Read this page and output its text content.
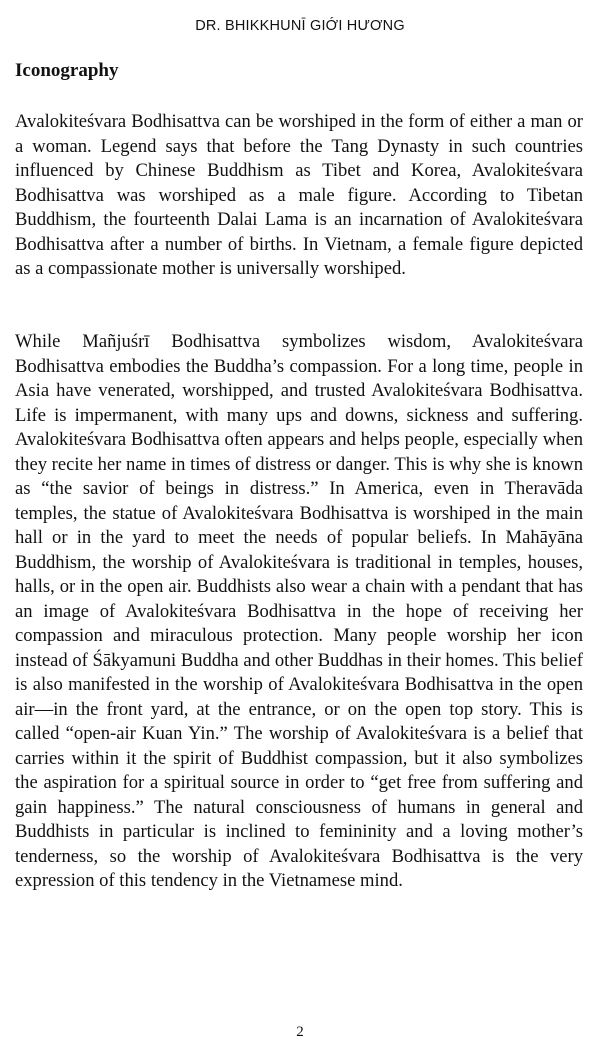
DR. BHIKKHUNĪ GIỚI HƯƠNG
Iconography

Avalokiteśvara Bodhisattva can be worshiped in the form of either a man or a woman. Legend says that before the Tang Dynasty in such countries influenced by Chinese Buddhism as Tibet and Korea, Avalokiteśvara Bodhisattva was worshiped as a male figure. According to Tibetan Buddhism, the fourteenth Dalai Lama is an incarnation of Avalokiteśvara Bodhisattva after a number of births. In Vietnam, a female figure depicted as a compassionate mother is universally worshiped.

While Mañjuśrī Bodhisattva symbolizes wisdom, Avalokiteśvara Bodhisattva embodies the Buddha’s compassion. For a long time, people in Asia have venerated, worshipped, and trusted Avalokiteśvara Bodhisattva. Life is impermanent, with many ups and downs, sickness and suffering. Avalokiteśvara Bodhisattva often appears and helps people, especially when they recite her name in times of distress or danger. This is why she is known as “the savior of beings in distress.” In America, even in Theravāda temples, the statue of Avalokiteśvara Bodhisattva is worshiped in the main hall or in the yard to meet the needs of popular beliefs. In Mahāyāna Buddhism, the worship of Avalokiteśvara is traditional in temples, houses, halls, or in the open air. Buddhists also wear a chain with a pendant that has an image of Avalokiteśvara Bodhisattva in the hope of receiving her compassion and miraculous protection. Many people worship her icon instead of Śākyamuni Buddha and other Buddhas in their homes. This belief is also manifested in the worship of Avalokiteśvara Bodhisattva in the open air—in the front yard, at the entrance, or on the open top story. This is called “open-air Kuan Yin.” The worship of Avalokiteśvara is a belief that carries within it the spirit of Buddhist compassion, but it also symbolizes the aspiration for a spiritual source in order to “get free from suffering and gain happiness.” The natural consciousness of humans in general and Buddhists in particular is inclined to femininity and a loving mother’s tenderness, so the worship of Avalokiteśvara Bodhisattva is the very expression of this tendency in the Vietnamese mind.

2
